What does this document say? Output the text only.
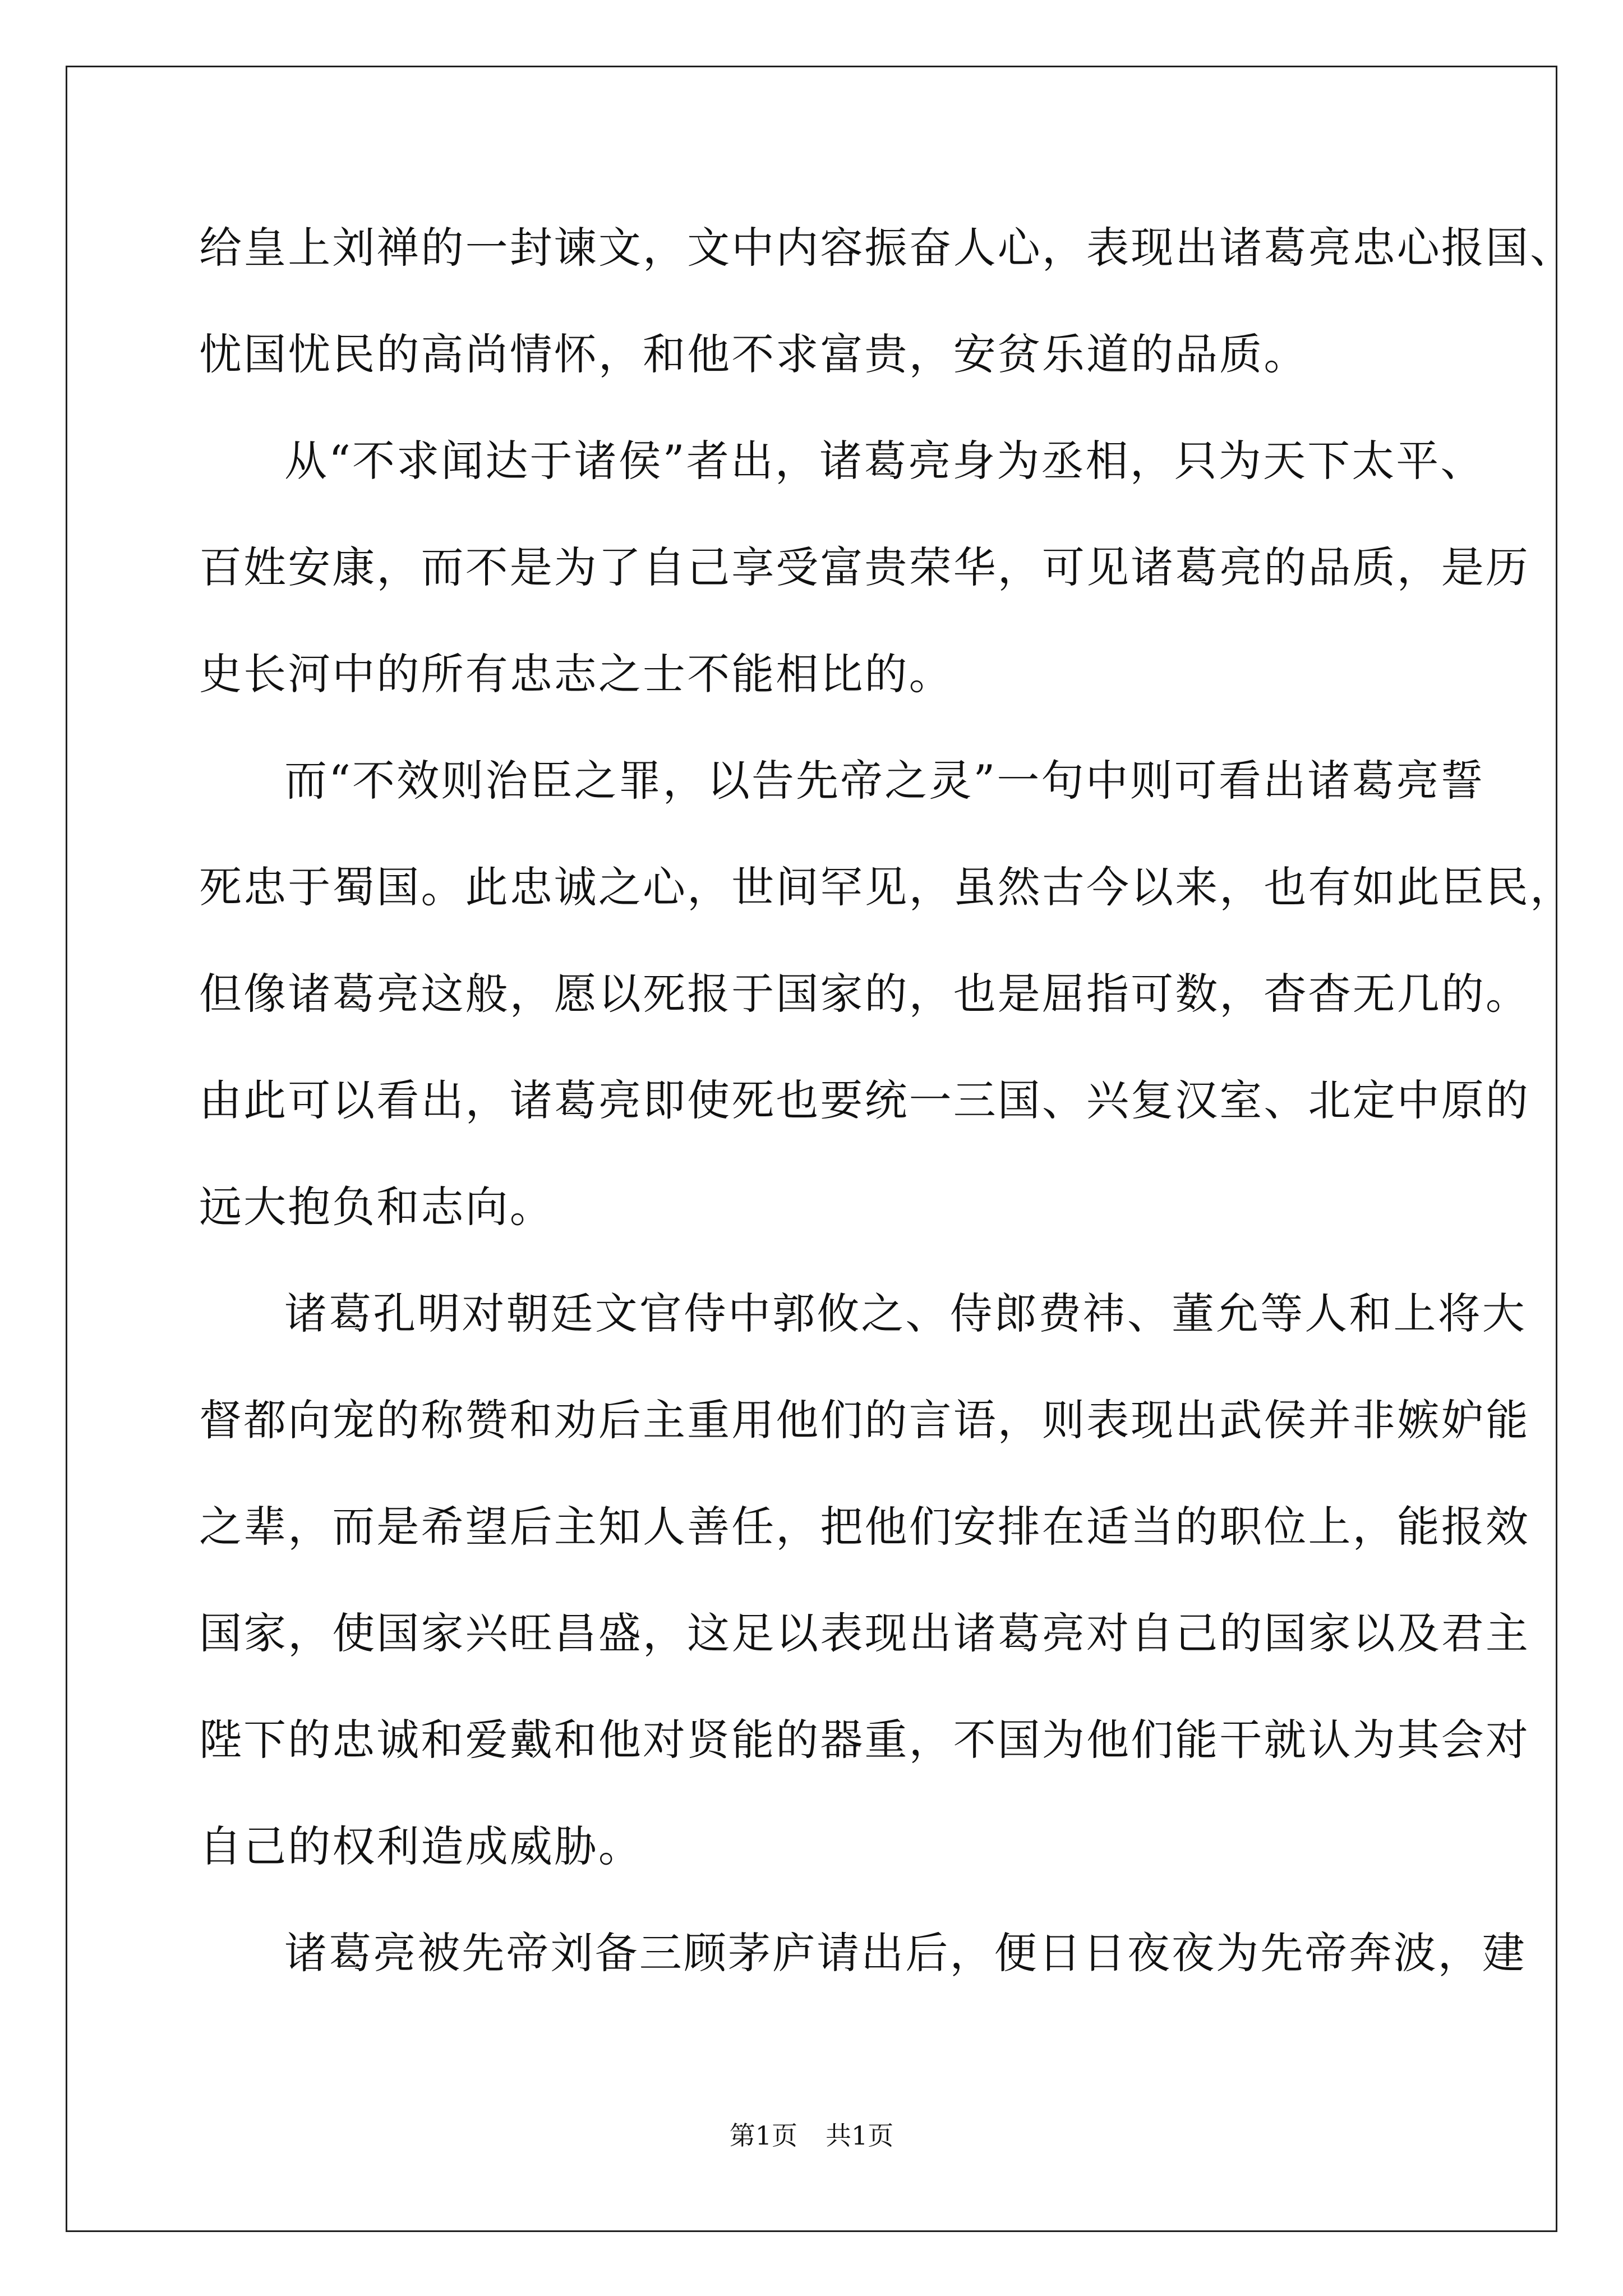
给皇上刘禅的一封谏文，文中内容振奋人心，表现出诸葛亮忠心报国、
忧国忧民的高尚情怀，和他不求富贵，安贫乐道的品质。
从“不求闻达于诸侯”者出，诸葛亮身为丞相，只为天下太平、
百姓安康，而不是为了自己享受富贵荣华，可见诸葛亮的品质，是历
史长河中的所有忠志之士不能相比的。
而“不效则治臣之罪，以告先帝之灵”一句中则可看出诸葛亮誓
死忠于蜀国。此忠诚之心，世间罕见，虽然古今以来，也有如此臣民，
但像诸葛亮这般，愿以死报于国家的，也是屈指可数，杳杳无几的。
由此可以看出，诸葛亮即使死也要统一三国、兴复汉室、北定中原的
远大抱负和志向。
诸葛孔明对朝廷文官侍中郭攸之、侍郎费祎、董允等人和上将大
督都向宠的称赞和劝后主重用他们的言语，则表现出武侯并非嫉妒能
之辈，而是希望后主知人善任，把他们安排在适当的职位上，能报效
国家，使国家兴旺昌盛，这足以表现出诸葛亮对自己的国家以及君主
陛下的忠诚和爱戴和他对贤能的器重，不国为他们能干就认为其会对
自己的权利造成威胁。
诸葛亮被先帝刘备三顾茅庐请出后，便日日夜夜为先帝奔波，建
第1页 共1页
